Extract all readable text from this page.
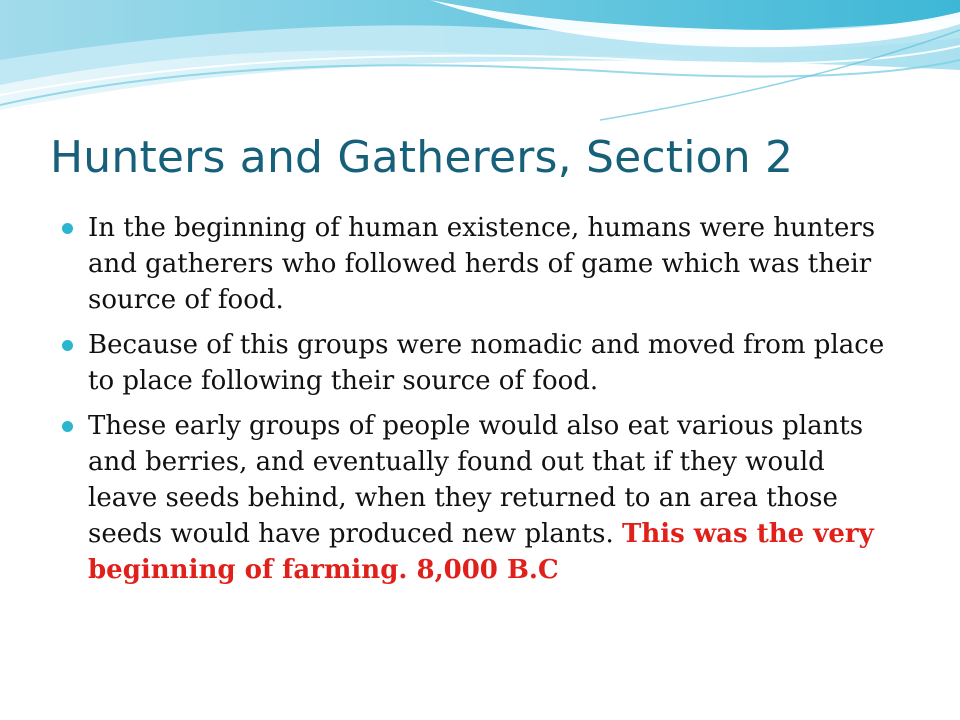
Hunters and Gatherers, Section 2
In the beginning of human existence, humans were hunters and gatherers who followed herds of game which was their source of food.
Because of this groups were nomadic and moved from place to place following their source of food.
These early groups of people would also eat various plants and berries, and eventually found out that if they would leave seeds behind, when they returned to an area those seeds would have produced new plants. This was the very beginning of farming. 8,000 B.C
